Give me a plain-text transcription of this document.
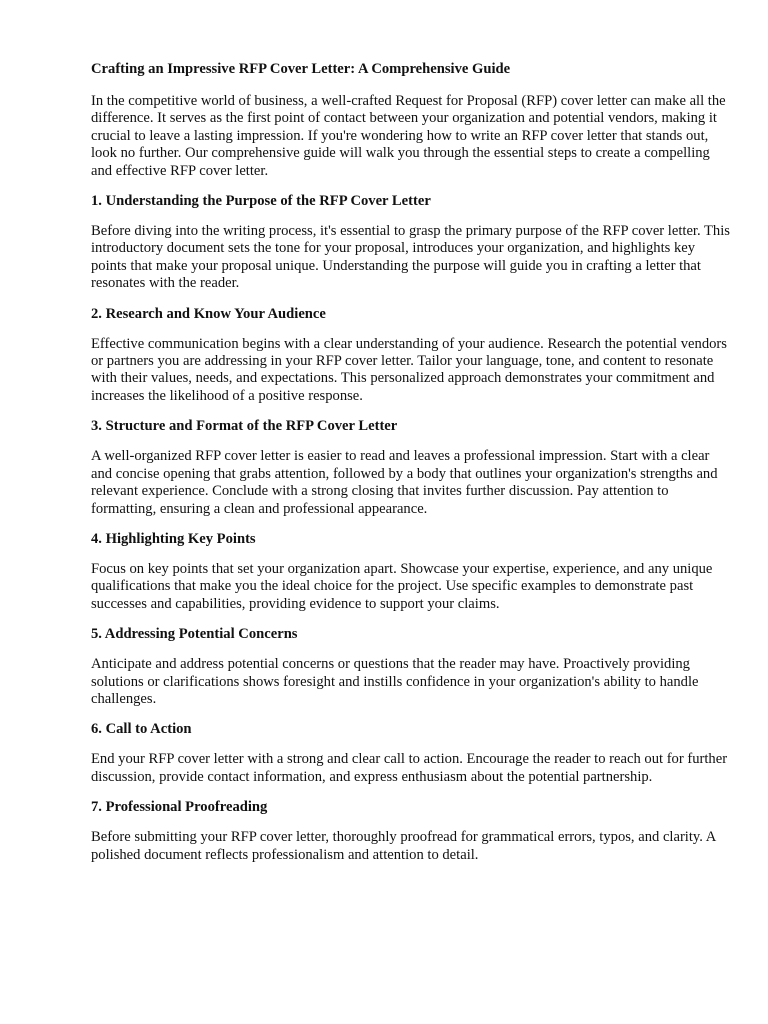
Crafting an Impressive RFP Cover Letter: A Comprehensive Guide

In the competitive world of business, a well-crafted Request for Proposal (RFP) cover letter can make all the difference. It serves as the first point of contact between your organization and potential vendors, making it crucial to leave a lasting impression. If you're wondering how to write an RFP cover letter that stands out, look no further. Our comprehensive guide will walk you through the essential steps to create a compelling and effective RFP cover letter.

1. Understanding the Purpose of the RFP Cover Letter

Before diving into the writing process, it's essential to grasp the primary purpose of the RFP cover letter. This introductory document sets the tone for your proposal, introduces your organization, and highlights key points that make your proposal unique. Understanding the purpose will guide you in crafting a letter that resonates with the reader.

2. Research and Know Your Audience

Effective communication begins with a clear understanding of your audience. Research the potential vendors or partners you are addressing in your RFP cover letter. Tailor your language, tone, and content to resonate with their values, needs, and expectations. This personalized approach demonstrates your commitment and increases the likelihood of a positive response.

3. Structure and Format of the RFP Cover Letter

A well-organized RFP cover letter is easier to read and leaves a professional impression. Start with a clear and concise opening that grabs attention, followed by a body that outlines your organization's strengths and relevant experience. Conclude with a strong closing that invites further discussion. Pay attention to formatting, ensuring a clean and professional appearance.

4. Highlighting Key Points

Focus on key points that set your organization apart. Showcase your expertise, experience, and any unique qualifications that make you the ideal choice for the project. Use specific examples to demonstrate past successes and capabilities, providing evidence to support your claims.

5. Addressing Potential Concerns

Anticipate and address potential concerns or questions that the reader may have. Proactively providing solutions or clarifications shows foresight and instills confidence in your organization's ability to handle challenges.

6. Call to Action

End your RFP cover letter with a strong and clear call to action. Encourage the reader to reach out for further discussion, provide contact information, and express enthusiasm about the potential partnership.

7. Professional Proofreading

Before submitting your RFP cover letter, thoroughly proofread for grammatical errors, typos, and clarity. A polished document reflects professionalism and attention to detail.
